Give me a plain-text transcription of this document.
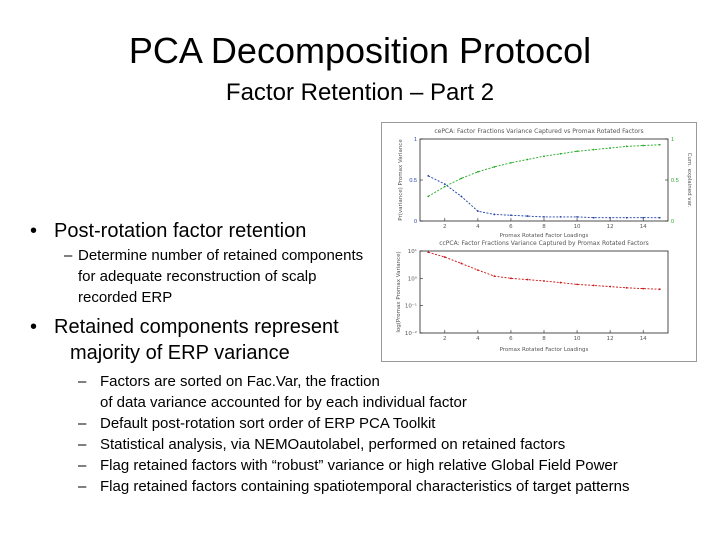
PCA Decomposition Protocol
Factor Retention – Part 2
• Post-rotation factor retention
– Determine number of retained components for adequate reconstruction of scalp recorded ERP
• Retained components represent
majority of ERP variance
– Factors are sorted on Fac.Var, the fraction
of data variance accounted for by each individual factor
– Default post-rotation sort order of ERP PCA Toolkit
– Statistical analysis, via NEMOautolabel, performed on retained factors
– Flag retained factors with “robust” variance or high relative Global Field Power
– Flag retained factors containing spatiotemporal characteristics of target patterns
cePCA: Factor Fractions Variance Captured vs Promax Rotated Factors
2	4	6	8	10	12	14
0
0.5
1
0
0.5
1
Promax Rotated Factor Loadings
Pr(variance) Promax Variance	Cum. explained var.
ccPCA: Factor Fractions Variance Captured by Promax Rotated Factors
2	4	6	8	10	12	14
10⁻²
10⁻¹
10⁰
10¹
Promax Rotated Factor Loadings
log(Promax Promax Variance)
